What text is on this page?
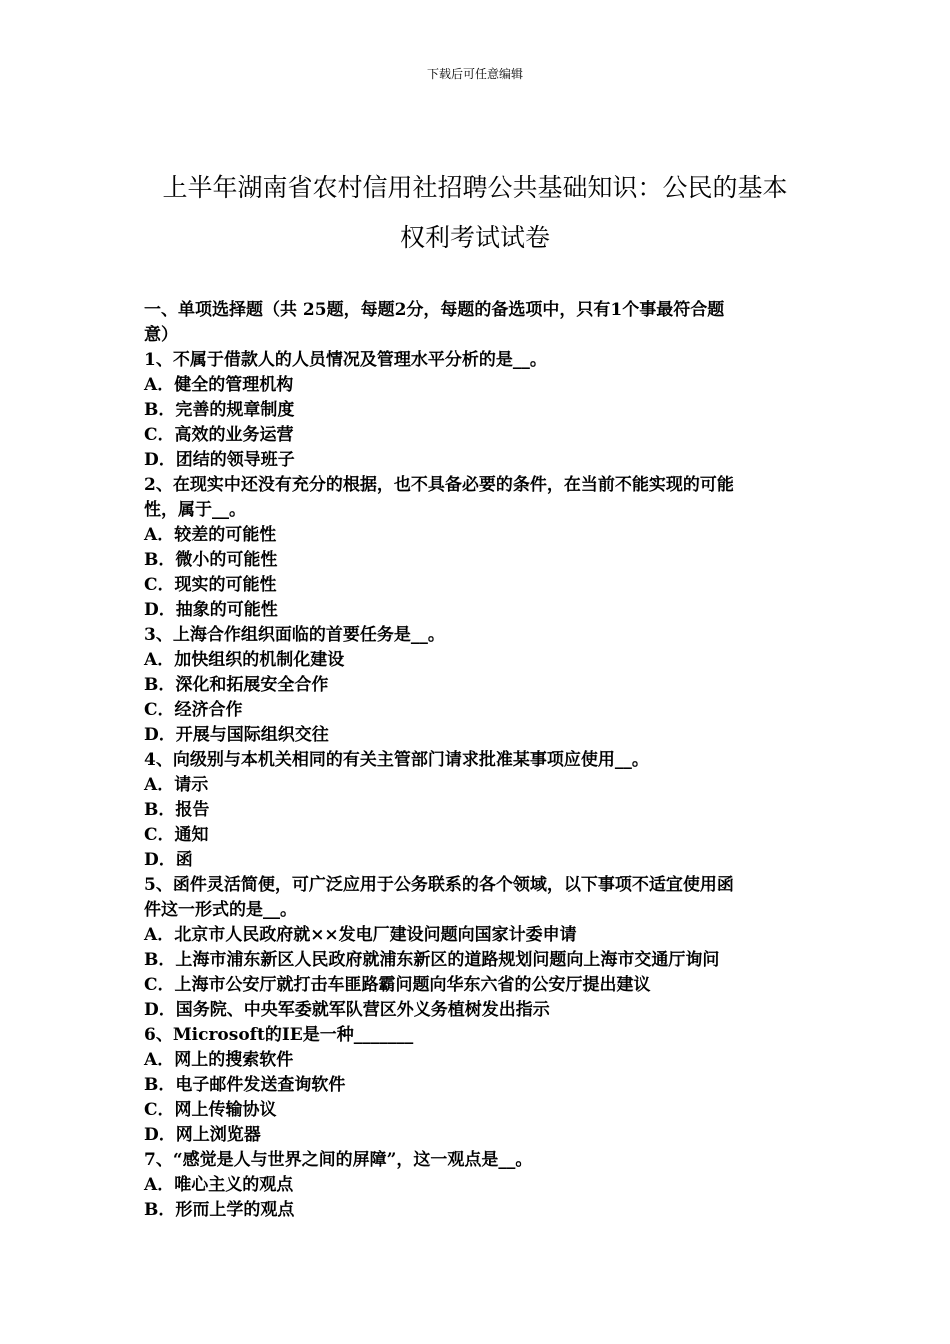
下载后可任意编辑
上半年湖南省农村信用社招聘公共基础知识：公民的基本
权利考试试卷
一、单项选择题（共 25题，每题2分，每题的备选项中，只有1个事最符合题
意）
1、不属于借款人的人员情况及管理水平分析的是__。
A．健全的管理机构
B．完善的规章制度
C．高效的业务运营
D．团结的领导班子
2、在现实中还没有充分的根据，也不具备必要的条件，在当前不能实现的可能
性，属于__。
A．较差的可能性
B．微小的可能性
C．现实的可能性
D．抽象的可能性
3、上海合作组织面临的首要任务是__。
A．加快组织的机制化建设
B．深化和拓展安全合作
C．经济合作
D．开展与国际组织交往
4、向级别与本机关相同的有关主管部门请求批准某事项应使用__。
A．请示
B．报告
C．通知
D．函
5、函件灵活简便，可广泛应用于公务联系的各个领域，以下事项不适宜使用函
件这一形式的是__。
A．北京市人民政府就××发电厂建设问题向国家计委申请
B．上海市浦东新区人民政府就浦东新区的道路规划问题向上海市交通厅询问
C．上海市公安厅就打击车匪路霸问题向华东六省的公安厅提出建议
D．国务院、中央军委就军队营区外义务植树发出指示
6、Microsoft的IE是一种_______
A．网上的搜索软件
B．电子邮件发送查询软件
C．网上传输协议
D．网上浏览器
7、“感觉是人与世界之间的屏障”，这一观点是__。
A．唯心主义的观点
B．形而上学的观点
